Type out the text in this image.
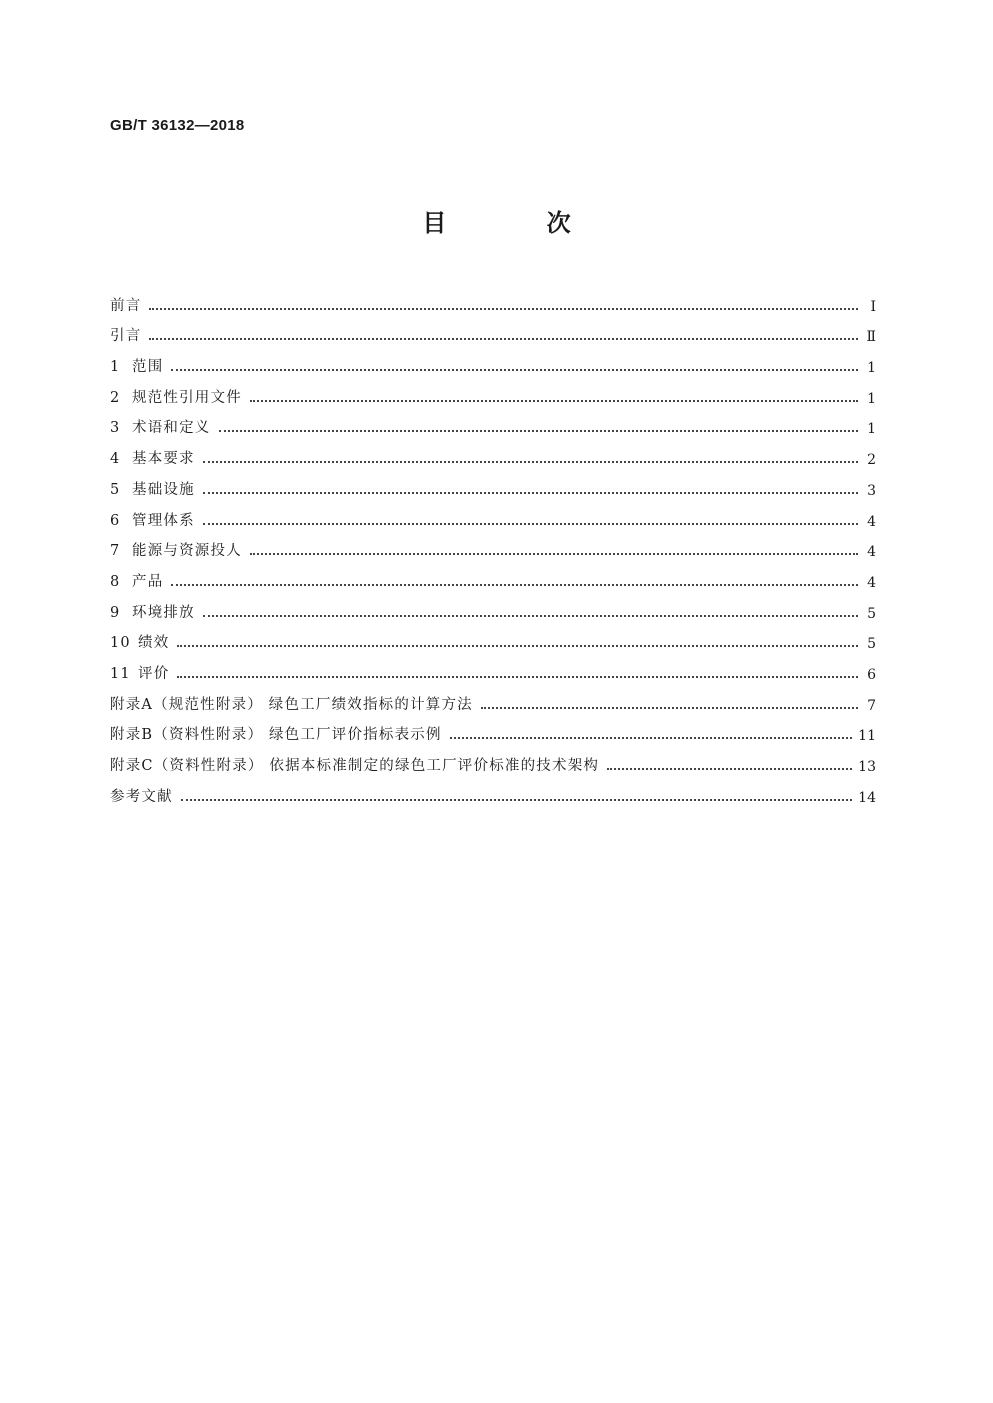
GB/T 36132—2018
目 次
前言	Ⅰ
引言	Ⅱ
1 范围	1
2 规范性引用文件	1
3 术语和定义	1
4 基本要求	2
5 基础设施	3
6 管理体系	4
7 能源与资源投人	4
8 产品	4
9 环境排放	5
10 绩效	5
11 评价	6
附录A（规范性附录） 绿色工厂绩效指标的计算方法	7
附录B（资料性附录） 绿色工厂评价指标表示例	11
附录C（资料性附录） 依据本标准制定的绿色工厂评价标准的技术架构	13
参考文献	14
